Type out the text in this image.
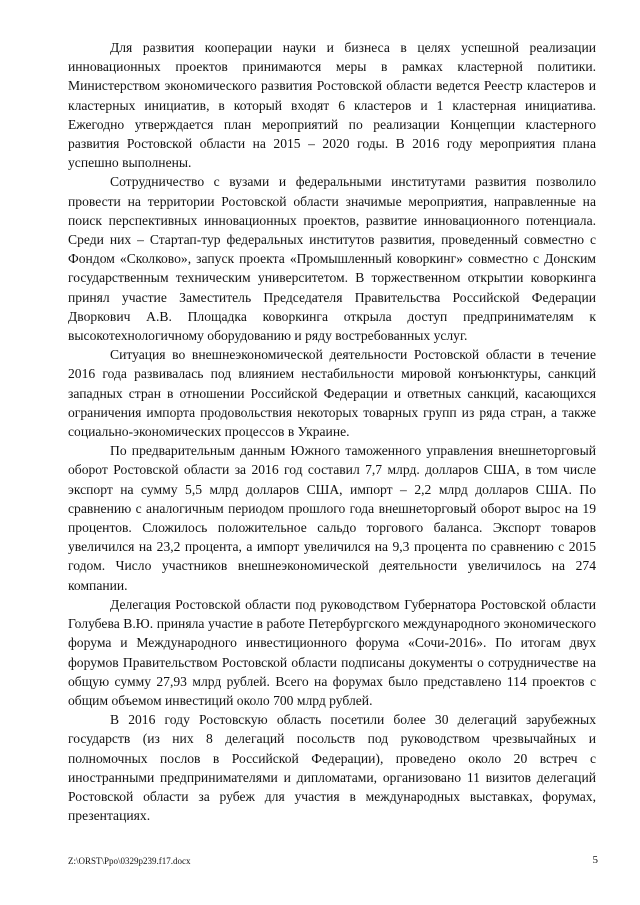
Для развития кооперации науки и бизнеса в целях успешной реализации инновационных проектов принимаются меры в рамках кластерной политики. Министерством экономического развития Ростовской области ведется Реестр кластеров и кластерных инициатив, в который входят 6 кластеров и 1 кластерная инициатива. Ежегодно утверждается план мероприятий по реализации Концепции кластерного развития Ростовской области на 2015 – 2020 годы. В 2016 году мероприятия плана успешно выполнены.

Сотрудничество с вузами и федеральными институтами развития позволило провести на территории Ростовской области значимые мероприятия, направленные на поиск перспективных инновационных проектов, развитие инновационного потенциала. Среди них – Стартап-тур федеральных институтов развития, проведенный совместно с Фондом «Сколково», запуск проекта «Промышленный коворкинг» совместно с Донским государственным техническим университетом. В торжественном открытии коворкинга принял участие Заместитель Председателя Правительства Российской Федерации Дворкович А.В. Площадка коворкинга открыла доступ предпринимателям к высокотехнологичному оборудованию и ряду востребованных услуг.

Ситуация во внешнеэкономической деятельности Ростовской области в течение 2016 года развивалась под влиянием нестабильности мировой конъюнктуры, санкций западных стран в отношении Российской Федерации и ответных санкций, касающихся ограничения импорта продовольствия некоторых товарных групп из ряда стран, а также социально-экономических процессов в Украине.

По предварительным данным Южного таможенного управления внешнеторговый оборот Ростовской области за 2016 год составил 7,7 млрд. долларов США, в том числе экспорт на сумму 5,5 млрд долларов США, импорт – 2,2 млрд долларов США. По сравнению с аналогичным периодом прошлого года внешнеторговый оборот вырос на 19 процентов. Сложилось положительное сальдо торгового баланса. Экспорт товаров увеличился на 23,2 процента, а импорт увеличился на 9,3 процента по сравнению с 2015 годом. Число участников внешнеэкономической деятельности увеличилось на 274 компании.

Делегация Ростовской области под руководством Губернатора Ростовской области Голубева В.Ю. приняла участие в работе Петербургского международного экономического форума и Международного инвестиционного форума «Сочи-2016». По итогам двух форумов Правительством Ростовской области подписаны документы о сотрудничестве на общую сумму 27,93 млрд рублей. Всего на форумах было представлено 114 проектов с общим объемом инвестиций около 700 млрд рублей.

В 2016 году Ростовскую область посетили более 30 делегаций зарубежных государств (из них 8 делегаций посольств под руководством чрезвычайных и полномочных послов в Российской Федерации), проведено около 20 встреч с иностранными предпринимателями и дипломатами, организовано 11 визитов делегаций Ростовской области за рубеж для участия в международных выставках, форумах, презентациях.

Z:\ORST\Ppo\0329p239.f17.docx	5
